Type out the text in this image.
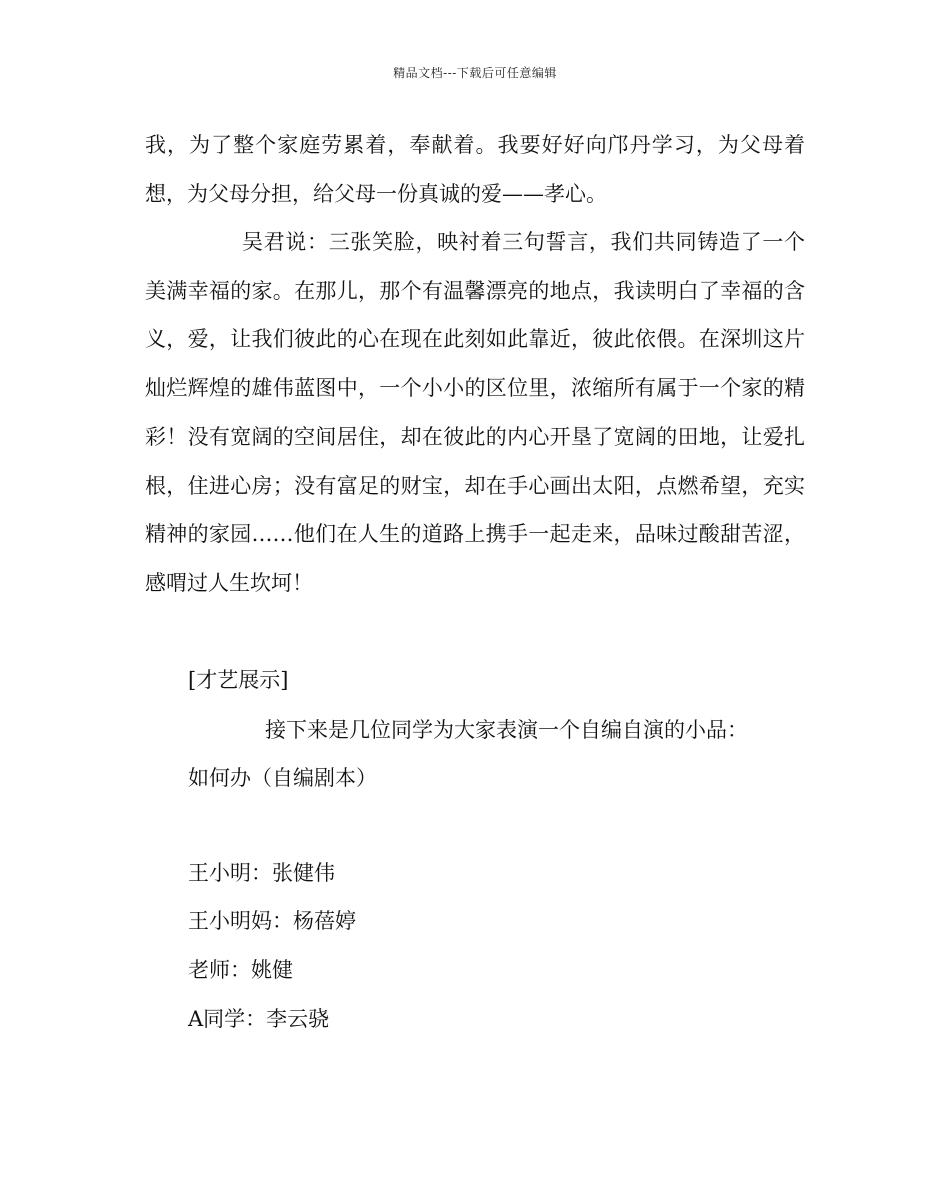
精品文档---下载后可任意编辑

我，为了整个家庭劳累着，奉献着。我要好好向邝丹学习，为父母着想，为父母分担，给父母一份真诚的爱——孝心。

吴君说：三张笑脸，映衬着三句誓言，我们共同铸造了一个美满幸福的家。在那儿，那个有温馨漂亮的地点，我读明白了幸福的含义，爱，让我们彼此的心在现在此刻如此靠近，彼此依偎。在深圳这片灿烂辉煌的雄伟蓝图中，一个小小的区位里，浓缩所有属于一个家的精彩！没有宽阔的空间居住，却在彼此的内心开垦了宽阔的田地，让爱扎根，住进心房；没有富足的财宝，却在手心画出太阳，点燃希望，充实精神的家园……他们在人生的道路上携手一起走来，品味过酸甜苦涩，感喟过人生坎坷！

[才艺展示]
接下来是几位同学为大家表演一个自编自演的小品：
如何办（自编剧本）
王小明：张健伟
王小明妈：杨蓓婷
老师：姚健
A同学：李云骁
